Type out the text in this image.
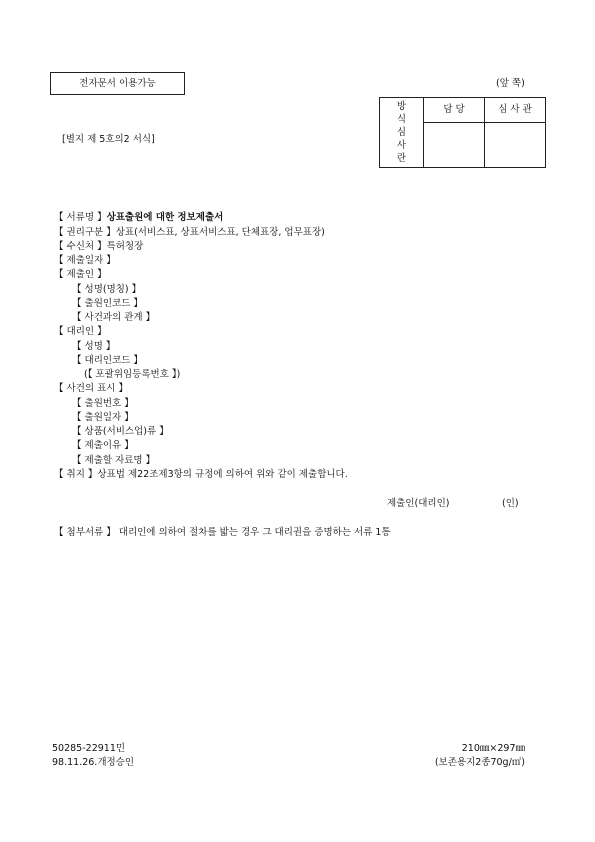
전자문서 이용가능	(앞 쪽)
[별지 제 5호의2 서식]
방
식
심
사
란	담 당	심 사 관

【 서류명 】상표출원에 대한 정보제출서
【 권리구분 】상표(서비스표, 상표서비스표, 단체표장, 업무표장)
【 수신처 】특허청장
【 제출일자 】
【 제출인 】
【 성명(명칭) 】
【 출원인코드 】
【 사건과의 관계 】
【 대리인 】
【 성명 】
【 대리인코드 】
(【 포괄위임등록번호 】)
【 사건의 표시 】
【 출원번호 】
【 출원일자 】
【 상품(서비스업)류 】
【 제출이유 】
【 제출할 자료명 】
【 취지 】상표법 제22조제3항의 규정에 의하여 위와 같이 제출합니다.
제출인(대리인)	(인)
【 첨부서류 】 대리인에 의하여 절차를 밟는 경우 그 대리권을 증명하는 서류 1통
50285-22911민
98.11.26.개정승인
210㎜×297㎜
(보존용지2종70g/㎡)
